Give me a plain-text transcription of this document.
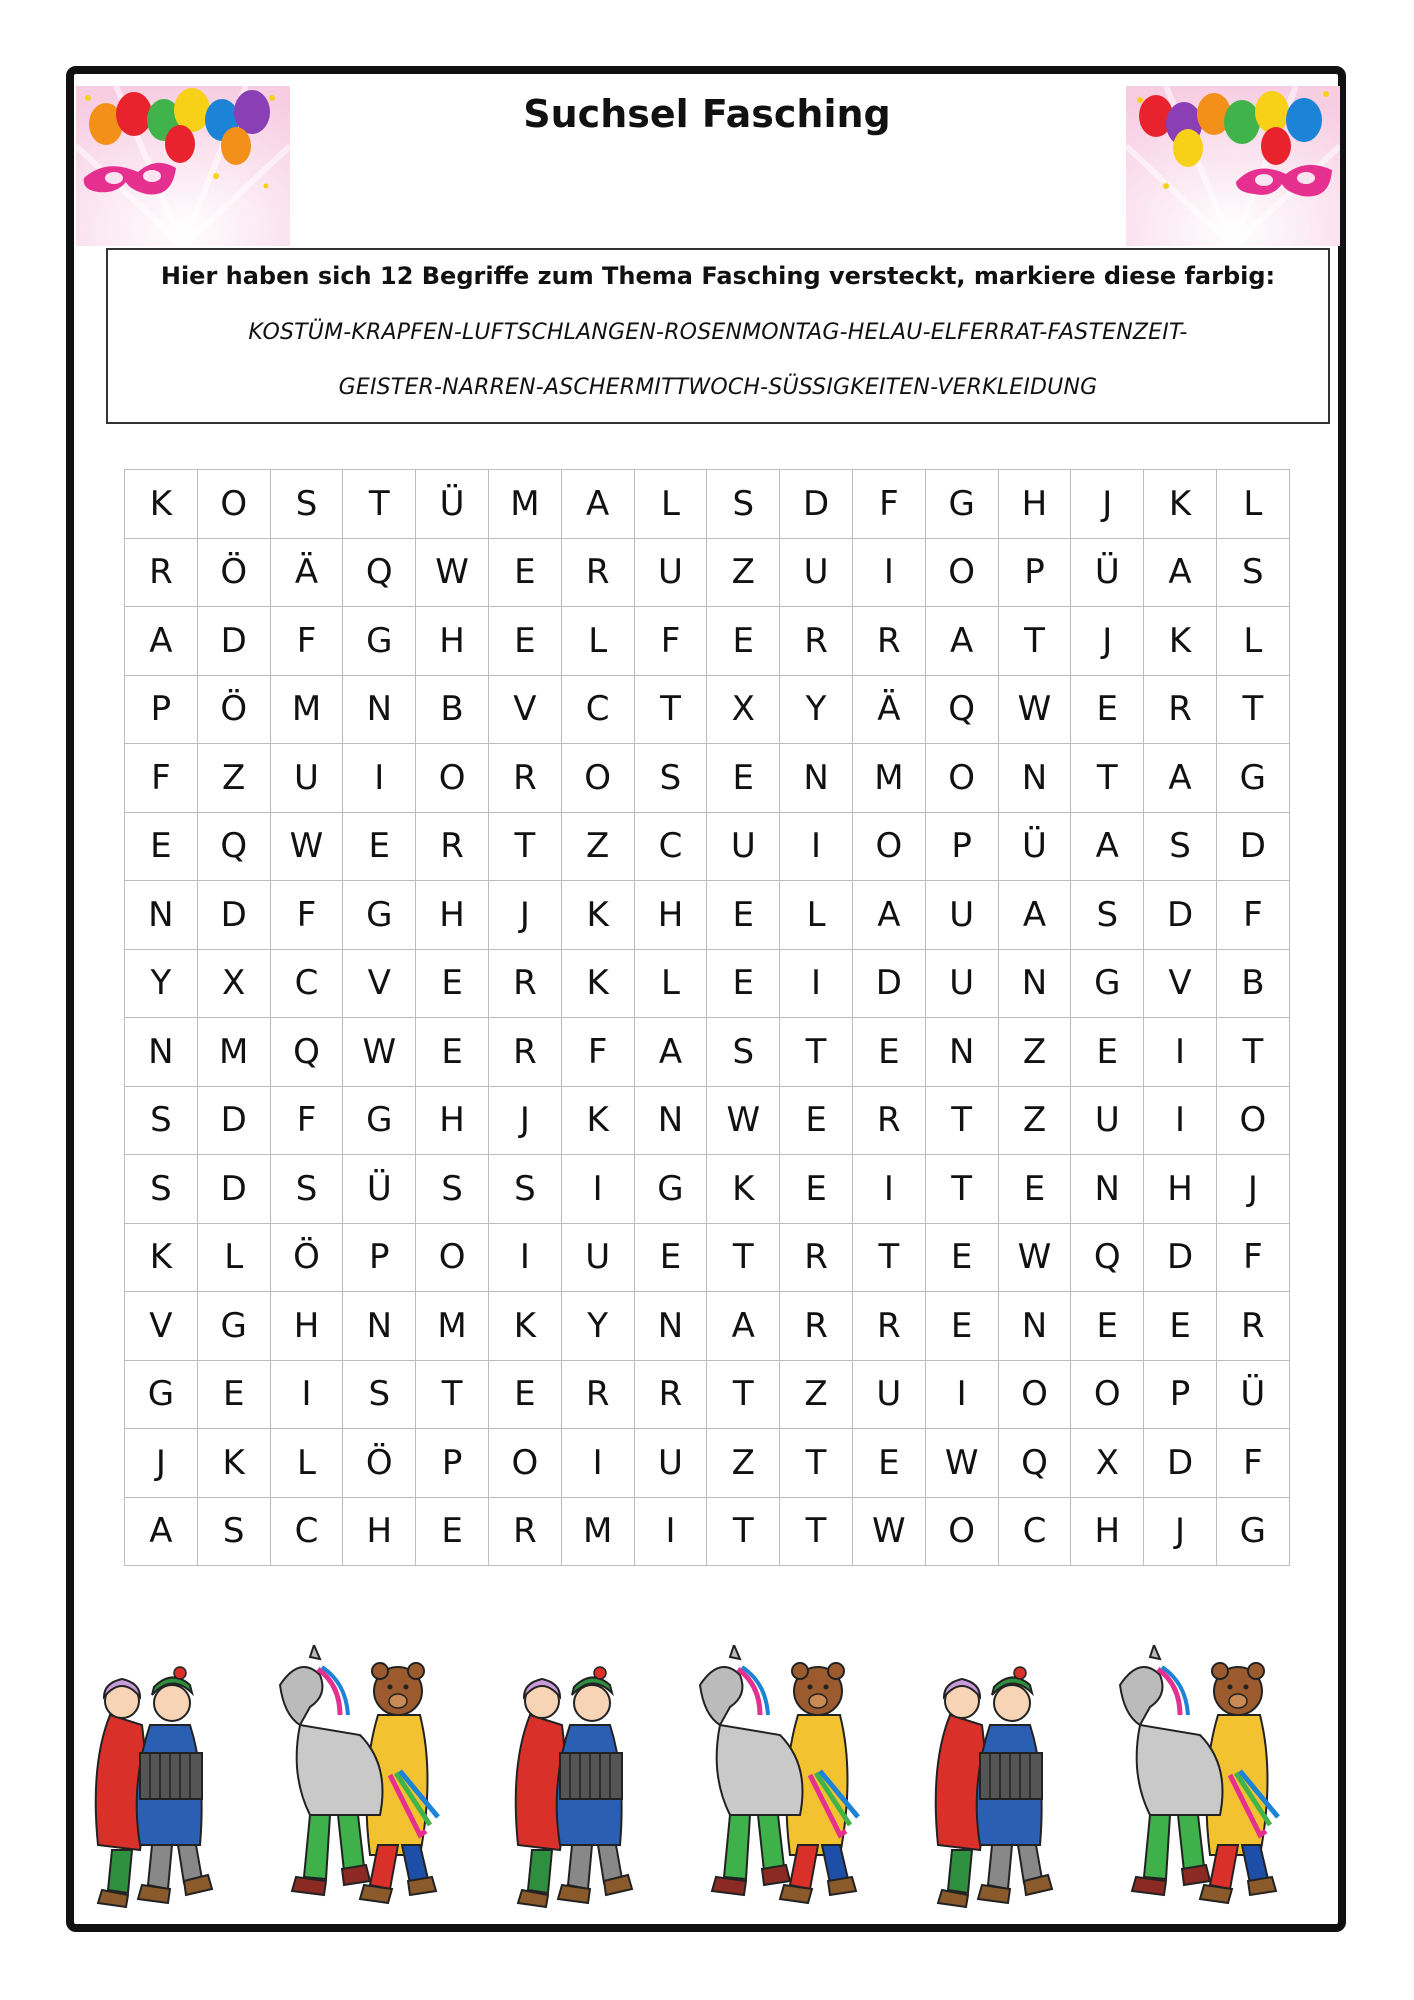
Suchsel Fasching
Hier haben sich 12 Begriffe zum Thema Fasching versteckt, markiere diese farbig:
KOSTÜM-KRAPFEN-LUFTSCHLANGEN-ROSENMONTAG-HELAU-ELFERRAT-FASTENZEIT-
GEISTER-NARREN-ASCHERMITTWOCH-SÜSSIGKEITEN-VERKLEIDUNG
K	O	S	T	Ü	M	A	L	S	D	F	G	H	J	K	L
R	Ö	Ä	Q	W	E	R	U	Z	U	I	O	P	Ü	A	S
A	D	F	G	H	E	L	F	E	R	R	A	T	J	K	L
P	Ö	M	N	B	V	C	T	X	Y	Ä	Q	W	E	R	T
F	Z	U	I	O	R	O	S	E	N	M	O	N	T	A	G
E	Q	W	E	R	T	Z	C	U	I	O	P	Ü	A	S	D
N	D	F	G	H	J	K	H	E	L	A	U	A	S	D	F
Y	X	C	V	E	R	K	L	E	I	D	U	N	G	V	B
N	M	Q	W	E	R	F	A	S	T	E	N	Z	E	I	T
S	D	F	G	H	J	K	N	W	E	R	T	Z	U	I	O
S	D	S	Ü	S	S	I	G	K	E	I	T	E	N	H	J
K	L	Ö	P	O	I	U	E	T	R	T	E	W	Q	D	F
V	G	H	N	M	K	Y	N	A	R	R	E	N	E	E	R
G	E	I	S	T	E	R	R	T	Z	U	I	O	O	P	Ü
J	K	L	Ö	P	O	I	U	Z	T	E	W	Q	X	D	F
A	S	C	H	E	R	M	I	T	T	W	O	C	H	J	G
